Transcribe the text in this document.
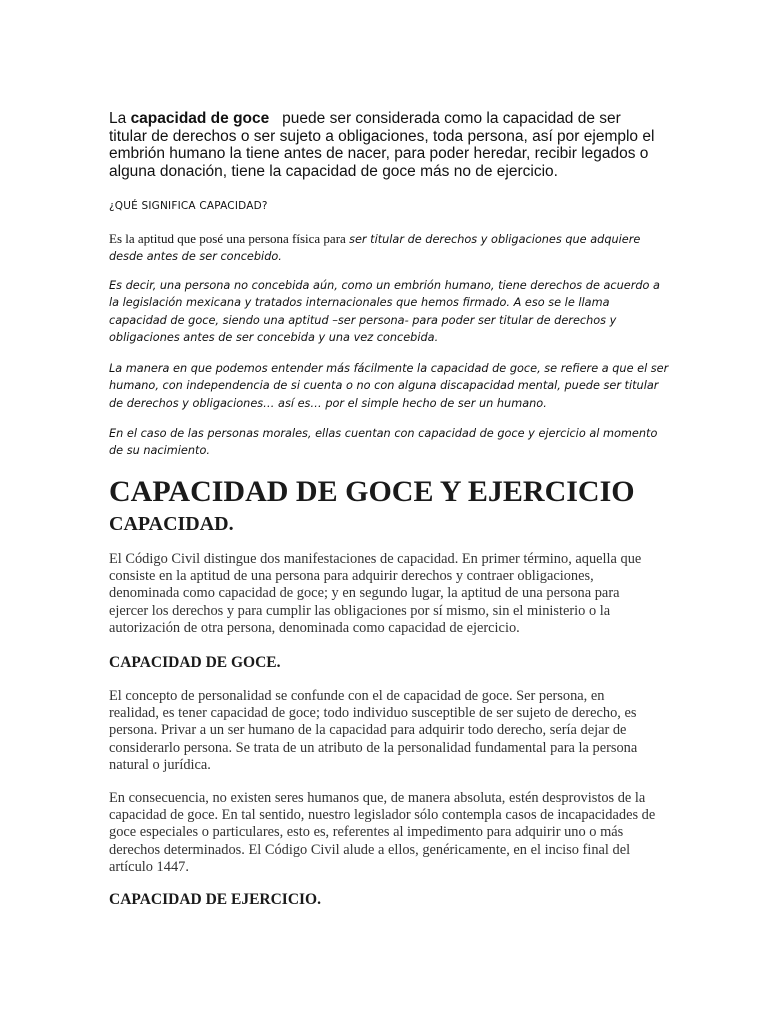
La capacidad de goce   puede ser considerada como la capacidad de ser titular de derechos o ser sujeto a obligaciones, toda persona, así por ejemplo el embrión humano la tiene antes de nacer, para poder heredar, recibir legados o alguna donación, tiene la capacidad de goce más no de ejercicio.

¿QUÉ SIGNIFICA CAPACIDAD?

Es la aptitud que posé una persona física para ser titular de derechos y obligaciones que adquiere desde antes de ser concebido.

Es decir, una persona no concebida aún, como un embrión humano, tiene derechos de acuerdo a la legislación mexicana y tratados internacionales que hemos firmado. A eso se le llama capacidad de goce, siendo una aptitud –ser persona- para poder ser titular de derechos y obligaciones antes de ser concebida y una vez concebida.

La manera en que podemos entender más fácilmente la capacidad de goce, se refiere a que el ser humano, con independencia de si cuenta o no con alguna discapacidad mental, puede ser titular de derechos y obligaciones… así es… por el simple hecho de ser un humano.

En el caso de las personas morales, ellas cuentan con capacidad de goce y ejercicio al momento de su nacimiento.

CAPACIDAD DE GOCE Y EJERCICIO
CAPACIDAD.

El Código Civil distingue dos manifestaciones de capacidad. En primer término, aquella que consiste en la aptitud de una persona para adquirir derechos y contraer obligaciones, denominada como capacidad de goce; y en segundo lugar, la aptitud de una persona para ejercer los derechos y para cumplir las obligaciones por sí mismo, sin el ministerio o la autorización de otra persona, denominada como capacidad de ejercicio.

CAPACIDAD DE GOCE.

El concepto de personalidad se confunde con el de capacidad de goce. Ser persona, en realidad, es tener capacidad de goce; todo individuo susceptible de ser sujeto de derecho, es persona. Privar a un ser humano de la capacidad para adquirir todo derecho, sería dejar de considerarlo persona. Se trata de un atributo de la personalidad fundamental para la persona natural o jurídica.

En consecuencia, no existen seres humanos que, de manera absoluta, estén desprovistos de la capacidad de goce. En tal sentido, nuestro legislador sólo contempla casos de incapacidades de goce especiales o particulares, esto es, referentes al impedimento para adquirir uno o más derechos determinados. El Código Civil alude a ellos, genéricamente, en el inciso final del artículo 1447.

CAPACIDAD DE EJERCICIO.
